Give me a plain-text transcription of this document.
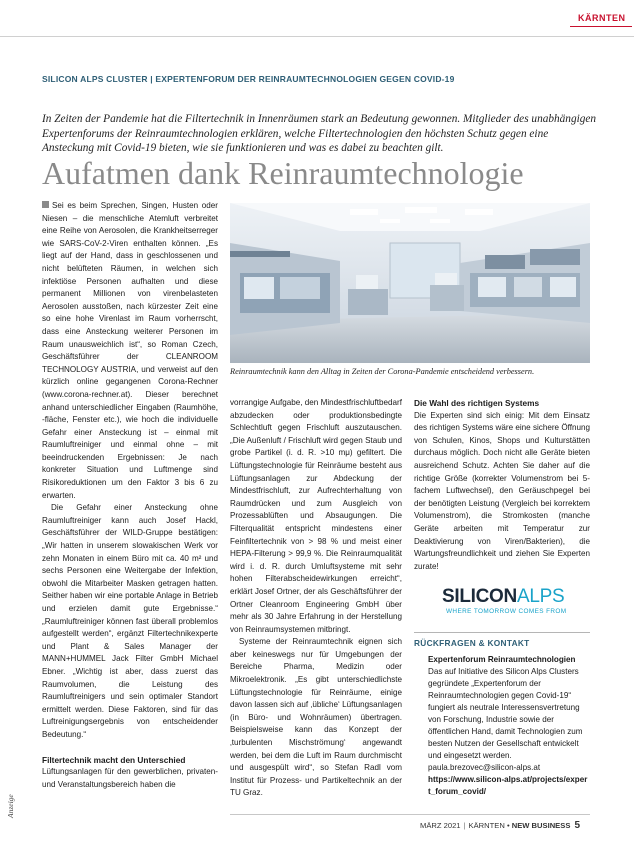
KÄRNTEN
SILICON ALPS CLUSTER | EXPERTENFORUM DER REINRAUMTECHNOLOGIEN GEGEN COVID-19

In Zeiten der Pandemie hat die Filtertechnik in Innenräumen stark an Bedeutung gewonnen. Mitglieder des unabhängigen Expertenforums der Reinraumtechnologien erklären, welche Filtertechnologien den höchsten Schutz gegen eine Ansteckung mit Covid-19 bieten, wie sie funktionieren und was es dabei zu beachten gilt.

Aufatmen dank Reinraumtechnologie

Sei es beim Sprechen, Singen, Husten oder Niesen – die menschliche Atemluft verbreitet eine Reihe von Aerosolen, die Krankheitserreger wie SARS-CoV-2-Viren enthalten können. „Es liegt auf der Hand, dass in geschlossenen und nicht belüfteten Räumen, in welchen sich infektiöse Personen aufhalten und diese permanent Millionen von virenbelasteten Aerosolen ausstoßen, nach kürzester Zeit eine so eine hohe Virenlast im Raum vorherrscht, dass eine Ansteckung weiterer Personen im Raum unausweichlich ist“, so Roman Czech, Geschäftsführer der CLEANROOM TECHNOLOGY AUSTRIA, und verweist auf den kürzlich online gegangenen Corona-Rechner (www.corona-rechner.at). Dieser berechnet anhand unterschiedlicher Eingaben (Raumhöhe, -fläche, Fenster etc.), wie hoch die individuelle Gefahr einer Ansteckung ist – einmal mit Raumluftreiniger und einmal ohne – mit beeindruckenden Ergebnissen: Je nach konkreter Situation und Luftmenge sind Risikoreduktionen um den Faktor 3 bis 6 zu erwarten.

Die Gefahr einer Ansteckung ohne Raumluftreiniger kann auch Josef Hackl, Geschäftsführer der WILD-Gruppe bestätigen: „Wir hatten in unserem slowakischen Werk vor zehn Monaten in einem Büro mit ca. 40 m² und sechs Personen eine Weitergabe der Infektion, obwohl die Mitarbeiter Masken getragen hatten. Seither haben wir eine portable Anlage in Betrieb und erzielen damit gute Ergebnisse.“ „Raumluftreiniger können fast überall problemlos aufgestellt werden“, ergänzt Filtertechnikexperte und Plant & Sales Manager der MANN+HUMMEL Jack Filter GmbH Michael Ebner. „Wichtig ist aber, dass zuerst das Raumvolumen, die Leistung des Raumluftreinigers und sein optimaler Standort ermittelt werden. Diese Faktoren, sind für das Luftreinigungsergebnis von entscheidender Bedeutung.“

Filtertechnik macht den Unterschied

Lüftungsanlagen für den gewerblichen, privaten- und Veranstaltungsbereich haben die

Reinraumtechnik kann den Alltag in Zeiten der Corona-Pandemie entscheidend verbessern.

vorrangige Aufgabe, den Mindestfrischluftbedarf abzudecken oder produktionsbedingte Schlechtluft gegen Frischluft auszutauschen. „Die Außenluft / Frischluft wird gegen Staub und grobe Partikel (i. d. R. >10 mμ) gefiltert. Die Lüftungstechnologie für Reinräume besteht aus Lüftungsanlagen zur Abdeckung der Mindestfrischluft, zur Aufrechterhaltung von Raumdrücken und zum Ausgleich von Prozessablüften und Absaugungen. Die Filterqualität entspricht mindestens einer Feinfiltertechnik von > 98 % und meist einer HEPA-Filterung > 99,9 %. Die Reinraumqualität wird i. d. R. durch Umluftsysteme mit sehr hohen Filterabscheidewirkungen erreicht“, erklärt Josef Ortner, der als Geschäftsführer der Ortner Cleanroom Engineering GmbH über mehr als 30 Jahre Erfahrung in der Herstellung von Reinraumsystemen mitbringt.

Systeme der Reinraumtechnik eignen sich aber keineswegs nur für Umgebungen der Bereiche Pharma, Medizin oder Mikroelektronik. „Es gibt unterschiedlichste Lüftungstechnologie für Reinräume, einige davon lassen sich auf ‚übliche‘ Lüftungsanlagen (in Büro- und Wohnräumen) übertragen. Beispielsweise kann das Konzept der ‚turbulenten Mischströmung‘ angewandt werden, bei dem die Luft im Raum durchmischt und ausgespült wird“, so Stefan Radl vom Institut für Prozess- und Partikeltechnik an der TU Graz.

Die Wahl des richtigen Systems

Die Experten sind sich einig: Mit dem Einsatz des richtigen Systems wäre eine sichere Öffnung von Schulen, Kinos, Shops und Kulturstätten durchaus möglich. Doch nicht alle Geräte bieten ausreichend Schutz. Achten Sie daher auf die richtige Größe (korrekter Volumenstrom bei 5-fachem Luftwechsel), den Geräuschpegel bei der benötigten Leistung (Vergleich bei korrektem Volumenstrom), die Stromkosten (manche Geräte arbeiten mit Temperatur zur Deaktivierung von Viren/Bakterien), die Wartungsfreundlichkeit und ziehen Sie Experten zurate!

SILICONALPS
WHERE TOMORROW COMES FROM
RÜCKFRAGEN & KONTAKT

Expertenforum Reinraumtechnologien

Das auf Initiative des Silicon Alps Clusters gegründete „Expertenforum der Reinraumtechnologien gegen Covid-19“ fungiert als neutrale Interessensvertretung von Forschung, Industrie sowie der öffentlichen Hand, damit Technologien zum besten Nutzen der Gesellschaft entwickelt und eingesetzt werden.

paula.brezovec@silicon-alps.at

https://www.silicon-alps.at/projects/expert_forum_covid/

Anzeige
MÄRZ 2021 | KÄRNTEN • NEW BUSINESS 5
